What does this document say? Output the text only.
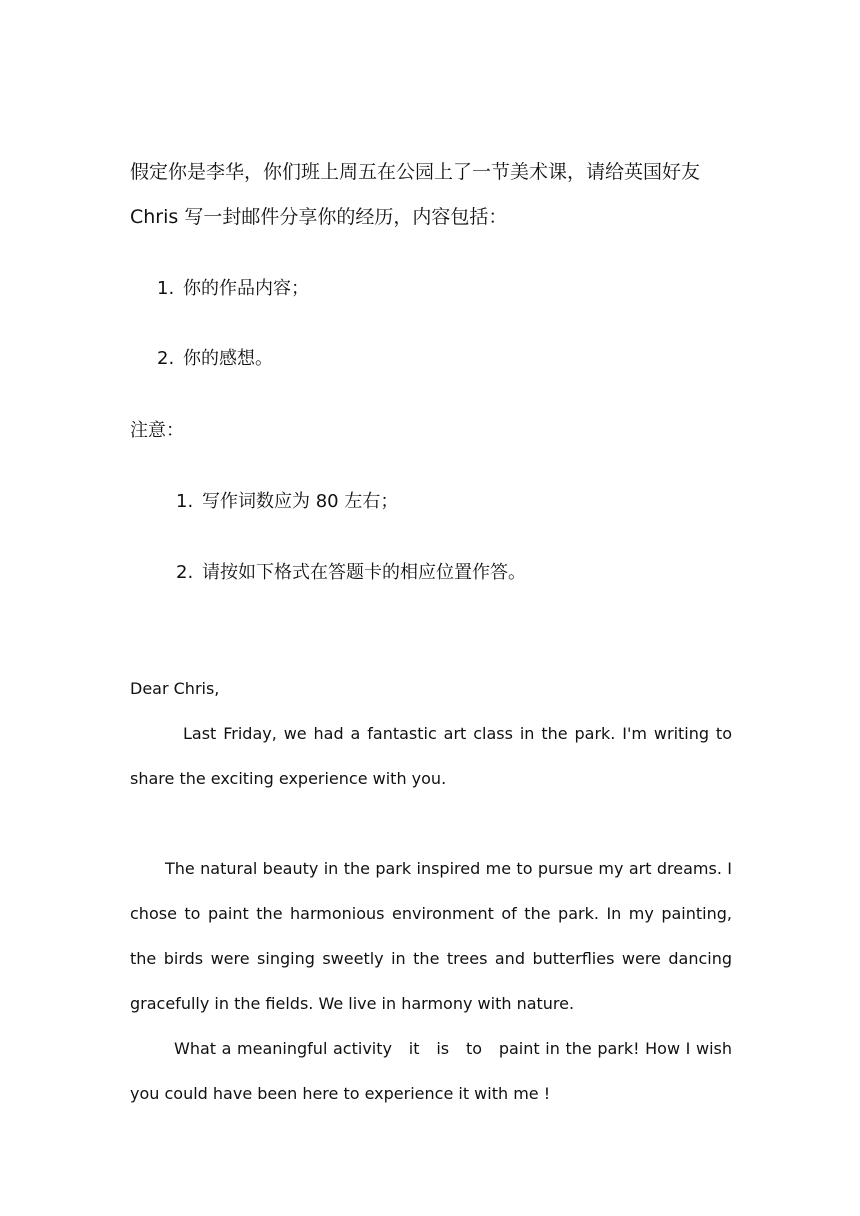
假定你是李华，你们班上周五在公园上了一节美术课，请给英国好友
Chris 写一封邮件分享你的经历，内容包括：
1. 你的作品内容；
2. 你的感想。
注意：
1. 写作词数应为 80 左右；
2. 请按如下格式在答题卡的相应位置作答。
Dear Chris,
Last Friday, we had a fantastic art class in the park. I'm writing to
share the exciting experience with you.
The natural beauty in the park inspired me to pursue my art dreams. I
chose to paint the harmonious environment of the park. In my painting,
the birds were singing sweetly in the trees and butterflies were dancing
gracefully in the fields. We live in harmony with nature.
What a meaningful activity   it   is   to   paint in the park! How I wish
you could have been here to experience it with me !
